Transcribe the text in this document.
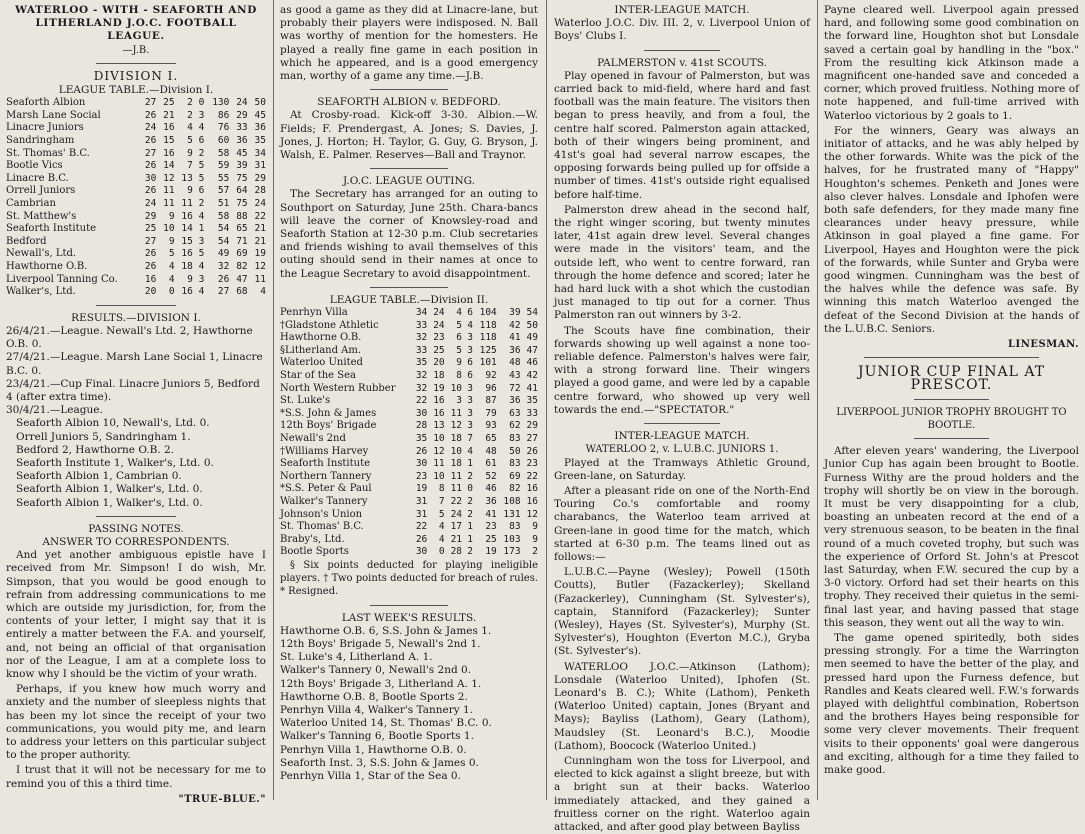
WATERLOO - WITH - SEAFORTH AND LITHERLAND J.O.C. FOOTBALL LEAGUE.
—J.B.
DIVISION I.
LEAGUE TABLE.—Division I.
Seaforth Albion	27	25	2	0	130	24	50
Marsh Lane Social	26	21	2	3	86	29	45
Linacre Juniors	24	16	4	4	76	33	36
Sandringham	26	15	5	6	60	36	35
St. Thomas' B.C.	27	16	9	2	58	45	34
Bootle Vics	26	14	7	5	59	39	31
Linacre B.C.	30	12	13	5	55	75	29
Orrell Juniors	26	11	9	6	57	64	28
Cambrian	24	11	11	2	51	75	24
St. Matthew's	29	9	16	4	58	88	22
Seaforth Institute	25	10	14	1	54	65	21
Bedford	27	9	15	3	54	71	21
Newall's, Ltd.	26	5	16	5	49	69	19
Hawthorne O.B.	26	4	18	4	32	82	12
Liverpool Tanning Co.	16	4	9	3	26	47	11
Walker's, Ltd.	20	0	16	4	27	68	4
RESULTS.—DIVISION I.
26/4/21.—League. Newall's Ltd. 2, Hawthorne O.B. 0.
27/4/21.—League. Marsh Lane Social 1, Linacre B.C. 0.
23/4/21.—Cup Final. Linacre Juniors 5, Bedford 4 (after extra time).
30/4/21.—League.
Seaforth Albion 10, Newall's, Ltd. 0.
Orrell Juniors 5, Sandringham 1.
Bedford 2, Hawthorne O.B. 2.
Seaforth Institute 1, Walker's, Ltd. 0.
Seaforth Albion 1, Cambrian 0.
Seaforth Albion 1, Walker's, Ltd. 0.
Seaforth Albion 1, Walker's, Ltd. 0.
PASSING NOTES.
ANSWER TO CORRESPONDENTS.

And yet another ambiguous epistle have I received from Mr. Simpson! I do wish, Mr. Simpson, that you would be good enough to refrain from addressing communications to me which are outside my jurisdiction, for, from the contents of your letter, I might say that it is entirely a matter between the F.A. and yourself, and, not being an official of that organisation nor of the League, I am at a complete loss to know why I should be the victim of your wrath.

Perhaps, if you knew how much worry and anxiety and the number of sleepless nights that has been my lot since the receipt of your two communications, you would pity me, and learn to address your letters on this particular subject to the proper authority.

I trust that it will not be necessary for me to remind you of this a third time.

"TRUE-BLUE."

as good a game as they did at Linacre-lane, but probably their players were indisposed. N. Ball was worthy of mention for the homesters. He played a really fine game in each position in which he appeared, and is a good emergency man, worthy of a game any time.—J.B.

SEAFORTH ALBION v. BEDFORD.

At Crosby-road. Kick-off 3-30. Albion.—W. Fields; F. Prendergast, A. Jones; S. Davies, J. Jones, J. Horton; H. Taylor, G. Guy, G. Bryson, J. Walsh, E. Palmer. Reserves—Ball and Traynor.

J.O.C. LEAGUE OUTING.

The Secretary has arranged for an outing to Southport on Saturday, June 25th. Chara-bancs will leave the corner of Knowsley-road and Seaforth Station at 12-30 p.m. Club secretaries and friends wishing to avail themselves of this outing should send in their names at once to the League Secretary to avoid disappointment.

LEAGUE TABLE.—Division II.
Penrhyn Villa	34	24	4	6	104	39	54
†Gladstone Athletic	33	24	5	4	118	42	50
Hawthorne O.B.	32	23	6	3	118	41	49
§Litherland Am.	33	25	5	3	125	36	47
Waterloo United	35	20	9	6	101	48	46
Star of the Sea	32	18	8	6	92	43	42
North Western Rubber	32	19	10	3	96	72	41
St. Luke's	22	16	3	3	87	36	35
*S.S. John & James	30	16	11	3	79	63	33
12th Boys' Brigade	28	13	12	3	93	62	29
Newall's 2nd	35	10	18	7	65	83	27
†Williams Harvey	26	12	10	4	48	50	26
Seaforth Institute	30	11	18	1	61	83	23
Northern Tannery	23	10	11	2	52	69	22
*S.S. Peter & Paul	19	8	11	0	46	82	16
Walker's Tannery	31	7	22	2	36	108	16
Johnson's Union	31	5	24	2	41	131	12
St. Thomas' B.C.	22	4	17	1	23	83	9
Braby's, Ltd.	26	4	21	1	25	103	9
Bootle Sports	30	0	28	2	19	173	2

§ Six points deducted for playing ineligible players. † Two points deducted for breach of rules. * Resigned.

LAST WEEK'S RESULTS.
Hawthorne O.B. 6, S.S. John & James 1.
12th Boys' Brigade 5, Newall's 2nd 1.
St. Luke's 4, Litherland A. 1.
Walker's Tannery 0, Newall's 2nd 0.
12th Boys' Brigade 3, Litherland A. 1.
Hawthorne O.B. 8, Bootle Sports 2.
Penrhyn Villa 4, Walker's Tannery 1.
Waterloo United 14, St. Thomas' B.C. 0.
Walker's Tanning 6, Bootle Sports 1.
Penrhyn Villa 1, Hawthorne O.B. 0.
Seaforth Inst. 3, S.S. John & James 0.
Penrhyn Villa 1, Star of the Sea 0.
INTER-LEAGUE MATCH.

Waterloo J.O.C. Div. III. 2, v. Liverpool Union of Boys' Clubs I.

PALMERSTON v. 41st SCOUTS.

Play opened in favour of Palmerston, but was carried back to mid-field, where hard and fast football was the main feature. The visitors then began to press heavily, and from a foul, the centre half scored. Palmerston again attacked, both of their wingers being prominent, and 41st's goal had several narrow escapes, the opposing forwards being pulled up for offside a number of times. 41st's outside right equalised before half-time.

Palmerston drew ahead in the second half, the right winger scoring, but twenty minutes later, 41st again drew level. Several changes were made in the visitors' team, and the outside left, who went to centre forward, ran through the home defence and scored; later he had hard luck with a shot which the custodian just managed to tip out for a corner. Thus Palmerston ran out winners by 3-2.

The Scouts have fine combination, their forwards showing up well against a none too-reliable defence. Palmerston's halves were fair, with a strong forward line. Their wingers played a good game, and were led by a capable centre forward, who showed up very well towards the end.—"SPECTATOR."

INTER-LEAGUE MATCH.
WATERLOO 2, v. L.U.B.C. JUNIORS 1.

Played at the Tramways Athletic Ground, Green-lane, on Saturday.

After a pleasant ride on one of the North-End Touring Co.'s comfortable and roomy charabancs, the Waterloo team arrived at Green-lane in good time for the match, which started at 6-30 p.m. The teams lined out as follows:—

L.U.B.C.—Payne (Wesley); Powell (150th Coutts), Butler (Fazackerley); Skelland (Fazackerley), Cunningham (St. Sylvester's), captain, Stanniford (Fazackerley); Sunter (Wesley), Hayes (St. Sylvester's), Murphy (St. Sylvester's), Houghton (Everton M.C.), Gryba (St. Sylvester's).

WATERLOO J.O.C.—Atkinson (Lathom); Lonsdale (Waterloo United), Iphofen (St. Leonard's B. C.); White (Lathom), Penketh (Waterloo United) captain, Jones (Bryant and Mays); Bayliss (Lathom), Geary (Lathom), Maudsley (St. Leonard's B.C.), Moodie (Lathom), Boocock (Waterloo United.)

Cunningham won the toss for Liverpool, and elected to kick against a slight breeze, but with a bright sun at their backs. Waterloo immediately attacked, and they gained a fruitless corner on the right. Waterloo again attacked, and after good play between Bayliss

Payne cleared well. Liverpool again pressed hard, and following some good combination on the forward line, Houghton shot but Lonsdale saved a certain goal by handling in the "box." From the resulting kick Atkinson made a magnificent one-handed save and conceded a corner, which proved fruitless. Nothing more of note happened, and full-time arrived with Waterloo victorious by 2 goals to 1.

For the winners, Geary was always an initiator of attacks, and he was ably helped by the other forwards. White was the pick of the halves, for he frustrated many of "Happy" Houghton's schemes. Penketh and Jones were also clever halves. Lonsdale and Iphofen were both safe defenders, for they made many fine clearances under heavy pressure, while Atkinson in goal played a fine game. For Liverpool, Hayes and Houghton were the pick of the forwards, while Sunter and Gryba were good wingmen. Cunningham was the best of the halves while the defence was safe. By winning this match Waterloo avenged the defeat of the Second Division at the hands of the L.U.B.C. Seniors.

LINESMAN.
JUNIOR CUP FINAL AT PRESCOT.
LIVERPOOL JUNIOR TROPHY BROUGHT TO BOOTLE.

After eleven years' wandering, the Liverpool Junior Cup has again been brought to Bootle. Furness Withy are the proud holders and the trophy will shortly be on view in the borough. It must be very disappointing for a club, boasting an unbeaten record at the end of a very strenuous season, to be beaten in the final round of a much coveted trophy, but such was the experience of Orford St. John's at Prescot last Saturday, when F.W. secured the cup by a 3-0 victory. Orford had set their hearts on this trophy. They received their quietus in the semi-final last year, and having passed that stage this season, they went out all the way to win.

The game opened spiritedly, both sides pressing strongly. For a time the Warrington men seemed to have the better of the play, and pressed hard upon the Furness defence, but Randles and Keats cleared well. F.W.'s forwards played with delightful combination, Robertson and the brothers Hayes being responsible for some very clever movements. Their frequent visits to their opponents' goal were dangerous and exciting, although for a time they failed to make good.
